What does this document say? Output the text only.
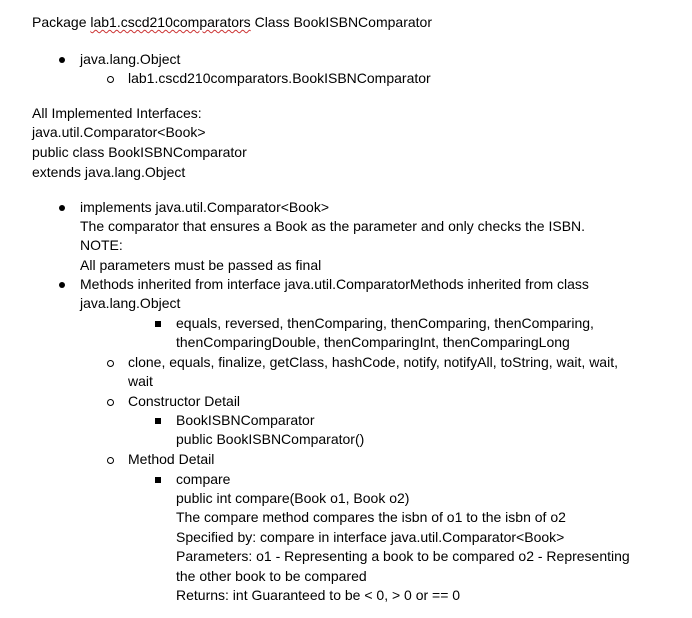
Package lab1.cscd210comparators Class BookISBNComparator
java.lang.Object
lab1.cscd210comparators.BookISBNComparator
All Implemented Interfaces:
java.util.Comparator<Book>
public class BookISBNComparator
extends java.lang.Object
implements java.util.Comparator<Book>
The comparator that ensures a Book as the parameter and only checks the ISBN.
NOTE:
All parameters must be passed as final
Methods inherited from interface java.util.ComparatorMethods inherited from class
java.lang.Object
equals, reversed, thenComparing, thenComparing, thenComparing,
thenComparingDouble, thenComparingInt, thenComparingLong
clone, equals, finalize, getClass, hashCode, notify, notifyAll, toString, wait, wait,
wait
Constructor Detail
BookISBNComparator
public BookISBNComparator()
Method Detail
compare
public int compare(Book o1, Book o2)
The compare method compares the isbn of o1 to the isbn of o2
Specified by: compare in interface java.util.Comparator<Book>
Parameters: o1 - Representing a book to be compared o2 - Representing
the other book to be compared
Returns: int Guaranteed to be < 0, > 0 or == 0
